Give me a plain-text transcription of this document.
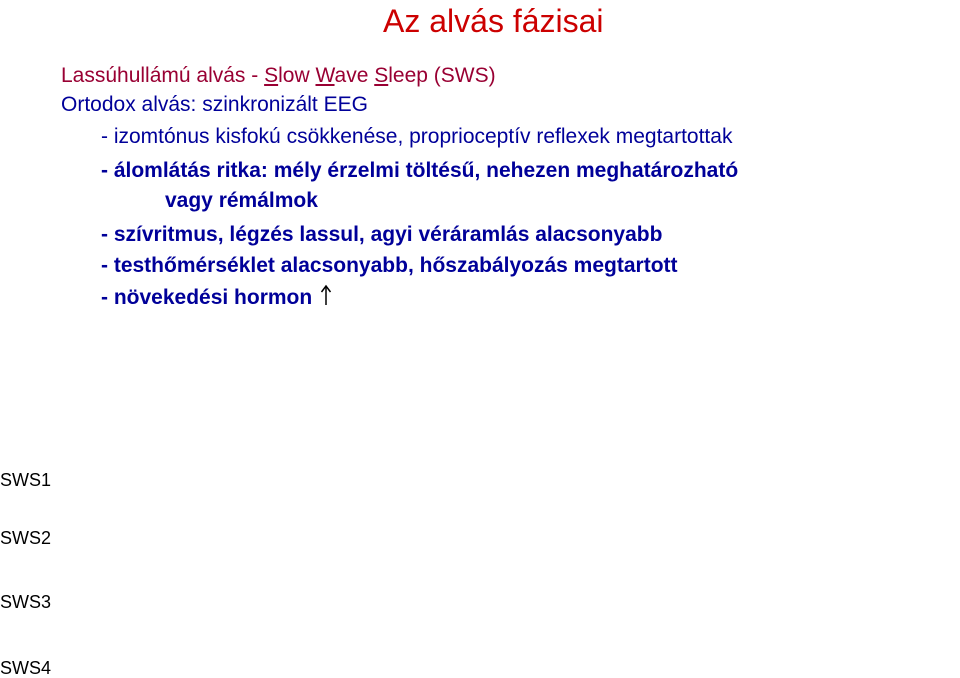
Az alvás fázisai
Lassúhullámú alvás - Slow Wave Sleep (SWS)
Ortodox alvás: szinkronizált EEG
- izomtónus kisfokú csökkenése, proprioceptív reflexek megtartottak
- álomlátás ritka: mély érzelmi töltésű, nehezen meghatározható
vagy rémálmok
- szívritmus, légzés lassul, agyi véráramlás alacsonyabb
- testhőmérséklet alacsonyabb, hőszabályozás megtartott
- növekedési hormon
SWS1
SWS2
SWS3
SWS4
